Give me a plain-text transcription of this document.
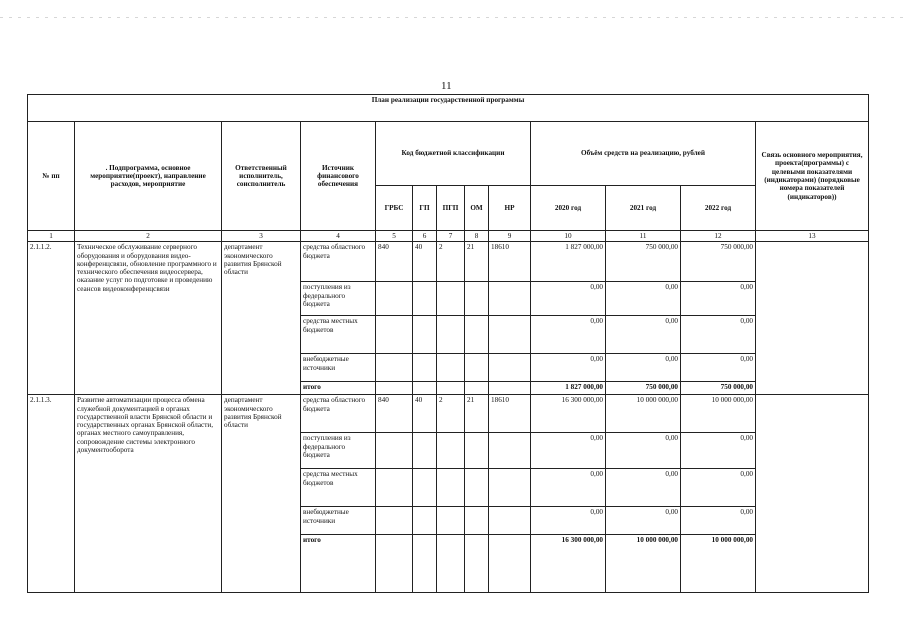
11
План реализации государственной программы												
№ пп	. Подпрограмма, основное мероприятие(проект), направление расходов, мероприятие	Ответственный исполнитель, соисполнитель	Источник финансового обеспечения	Код бюджетной классификации					Объём средств на реализацию, рублей			Связь основного мероприятия, проекта(программы) с целевыми показателями (индикаторами) (порядковые номера показателей (индикаторов))
				ГРБС	ГП	ПГП	ОМ	НР	2020 год	2021 год	2022 год	
1	2	3	4	5	6	7	8	9	10	11	12	13
2.1.1.2.	Техническое обслуживание серверного оборудования и оборудования видео-конференцсвязи, обновление программного и технического обеспечения видеосервера, оказание услуг по подготовке и проведению сеансов видеоконференцсвязи	департамент экономического развития Брянской области	средства областного бюджета	840	40	2	21	18610	1 827 000,00	750 000,00	750 000,00	
			поступления из федерального бюджета						0,00	0,00	0,00	
			средства местных бюджетов						0,00	0,00	0,00	
			внебюджетные источники						0,00	0,00	0,00	
			итого						1 827 000,00	750 000,00	750 000,00	
2.1.1.3.	Развитие автоматизации процесса обмена служебной документацией в органах государственной власти Брянской области и государственных органах Брянской области, органах местного самоуправления, сопровождение системы электронного документооборота	департамент экономического развития Брянской области	средства областного бюджета	840	40	2	21	18610	16 300 000,00	10 000 000,00	10 000 000,00	
			поступления из федерального бюджета						0,00	0,00	0,00	
			средства местных бюджетов						0,00	0,00	0,00	
			внебюджетные источники						0,00	0,00	0,00	
			итого						16 300 000,00	10 000 000,00	10 000 000,00	
